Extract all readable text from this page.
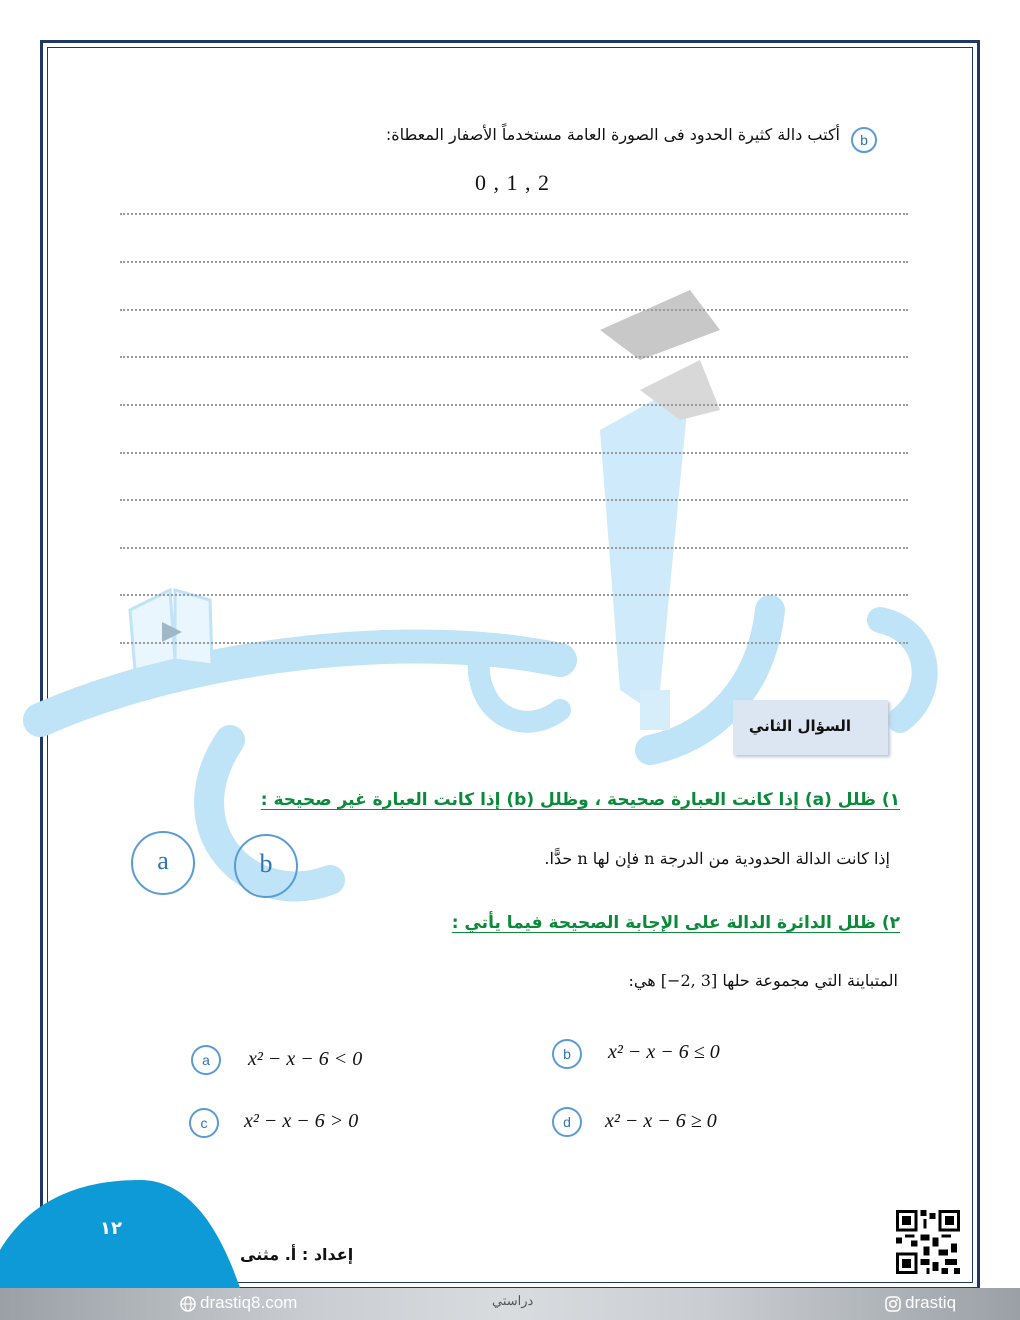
b
أكتب دالة كثيرة الحدود فى الصورة العامة مستخدماً الأصفار المعطاة:
0 , 1 , 2
السؤال الثاني
١) ظلل (a) إذا كانت العبارة صحيحة ، وظلل (b) إذا كانت العبارة غير صحيحة :
a	b	إذا كانت الدالة الحدودية من الدرجة n فإن لها n حدًّا.
٢) ظلل الدائرة الدالة على الإجابة الصحيحة فيما يأتي :
المتباينة التي مجموعة حلها [3 ,2−] هي:
a	x² − x − 6 < 0	b	x² − x − 6 ≤ 0
c	x² − x − 6 > 0	d	x² − x − 6 ≥ 0
١٢
إعداد : أ. مثنى
drastiq8.com	دراستي	drastiq
